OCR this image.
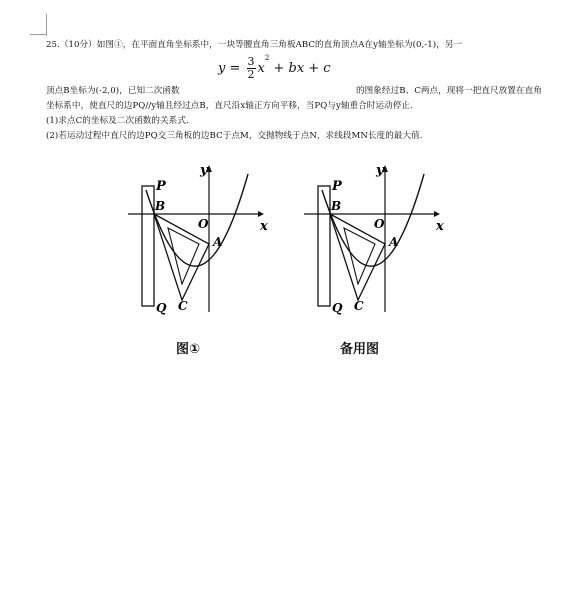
25.（10分）如图①，在平面直角坐标系中，一块等腰直角三角板ABC的直角顶点A在y轴坐标为(0,-1)，另一
$y = \frac{3}{2} x^2$ + bx + c
顶点B坐标为(-2,0)，已知二次函数	的图象经过B、C两点，现将一把直尺放置在直角
坐标系中，使直尺的边PQ//y轴且经过点B，直尺沿x轴正方向平移，当PQ与y轴重合时运动停止.
(1)求点C的坐标及二次函数的关系式.
(2)若运动过程中直尺的边PQ交三角板的边BC于点M，交抛物线于点N，求线段MN长度的最大值.
P
B
O
A
Q C
x
y
图①
P
B
O
A
Q C
x
y
备用图
